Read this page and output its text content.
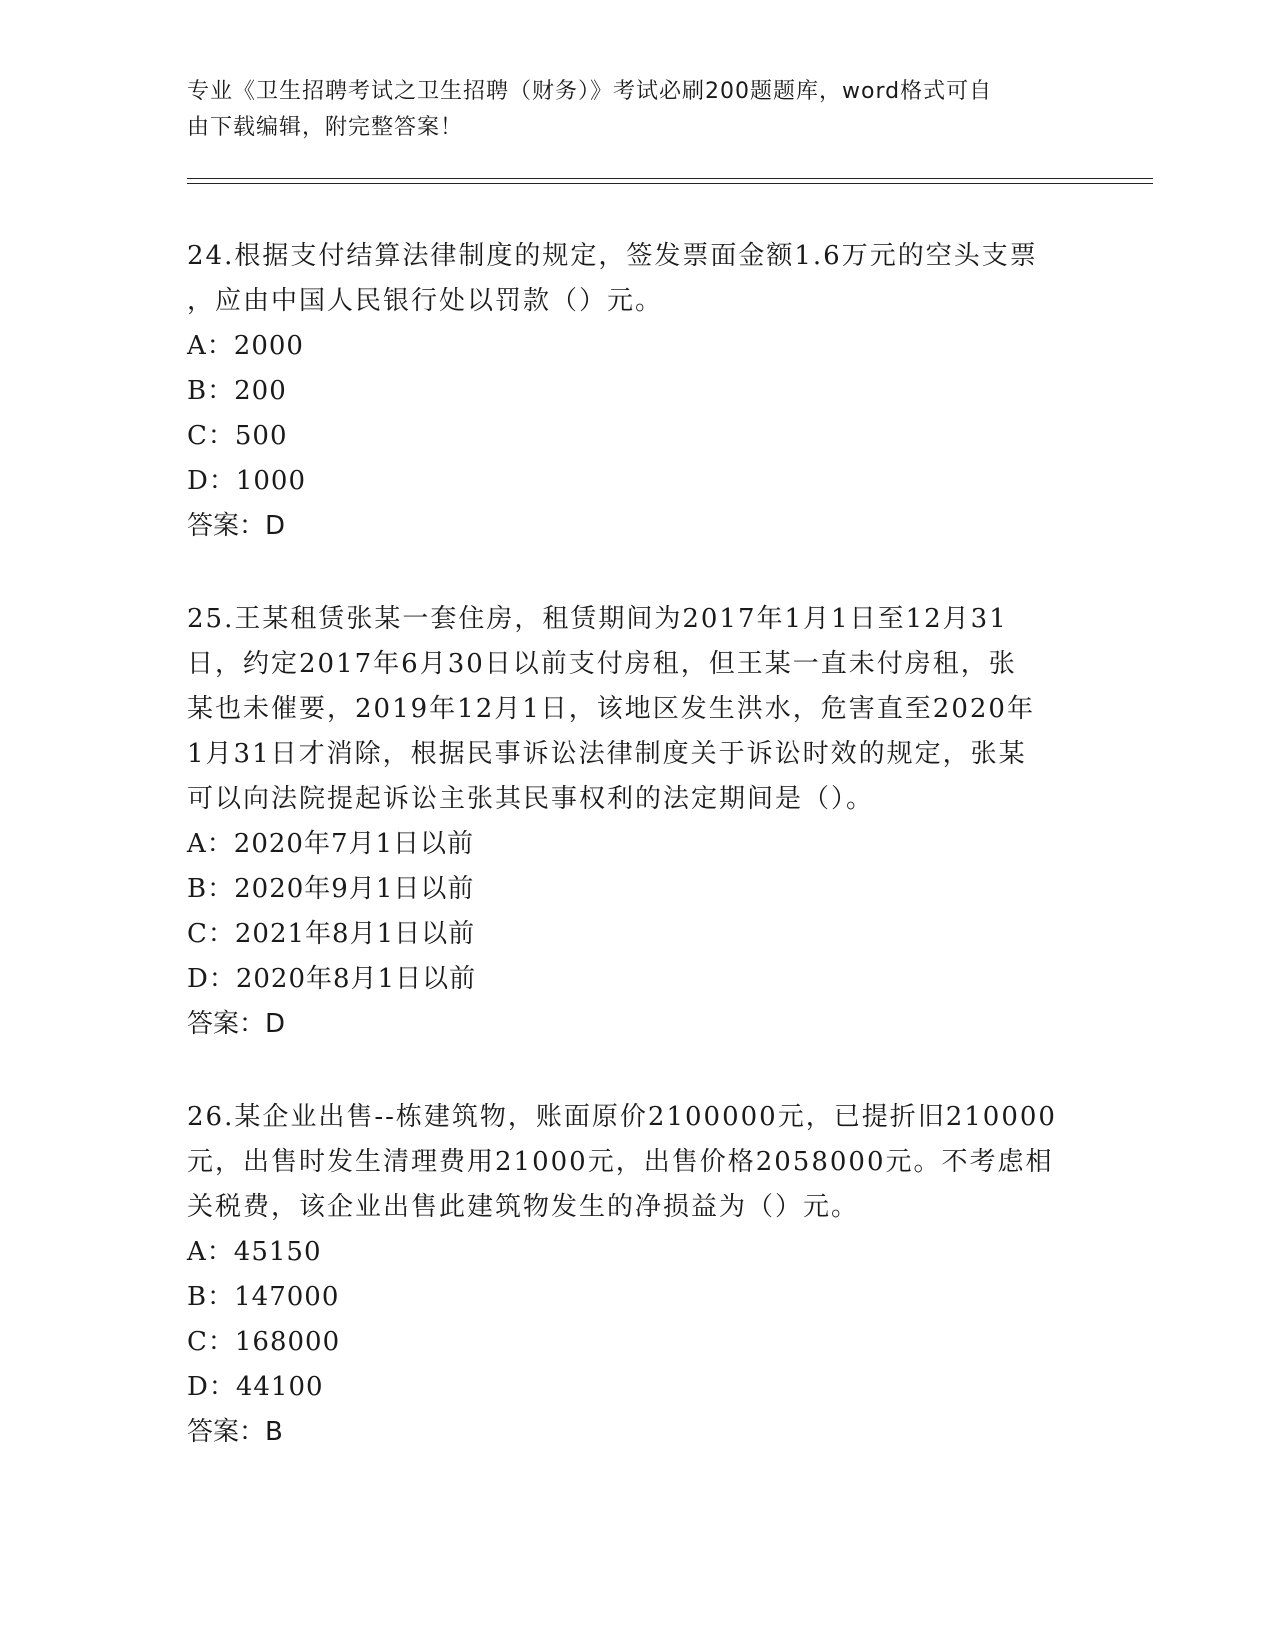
专业《卫生招聘考试之卫生招聘（财务）》考试必刷200题题库，word格式可自
由下载编辑，附完整答案！

24.根据支付结算法律制度的规定，签发票面金额1.6万元的空头支票

，应由中国人民银行处以罚款（）元。

A：2000

B：200

C：500

D：1000

答案：D

25.王某租赁张某一套住房，租赁期间为2017年1月1日至12月31

日，约定2017年6月30日以前支付房租，但王某一直未付房租，张

某也未催要，2019年12月1日，该地区发生洪水，危害直至2020年

1月31日才消除，根据民事诉讼法律制度关于诉讼时效的规定，张某

可以向法院提起诉讼主张其民事权利的法定期间是（）。

A：2020年7月1日以前

B：2020年9月1日以前

C：2021年8月1日以前

D：2020年8月1日以前

答案：D

26.某企业出售--栋建筑物，账面原价2100000元，已提折旧210000

元，出售时发生清理费用21000元，出售价格2058000元。不考虑相

关税费，该企业出售此建筑物发生的净损益为（）元。

A：45150

B：147000

C：168000

D：44100

答案：B
